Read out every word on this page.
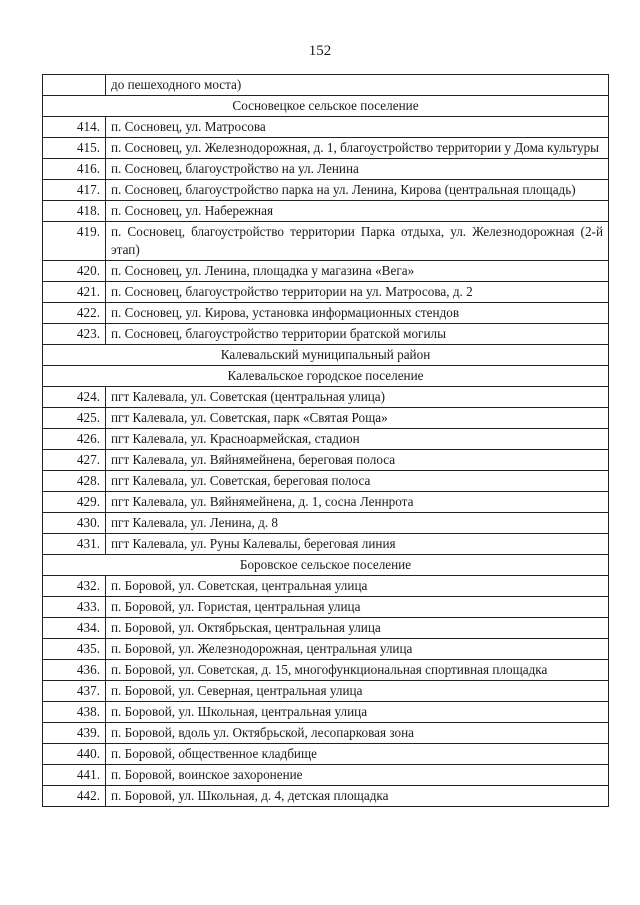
152
	до пешеходного моста)
Сосновецкое сельское поселение	
414.	п. Сосновец, ул. Матросова
415.	п. Сосновец, ул. Железнодорожная, д. 1, благоустройство территории у Дома культуры
416.	п. Сосновец, благоустройство на ул. Ленина
417.	п. Сосновец, благоустройство парка на ул. Ленина, Кирова (центральная площадь)
418.	п. Сосновец, ул. Набережная
419.	п. Сосновец, благоустройство территории Парка отдыха, ул. Железнодорожная (2-й этап)
420.	п. Сосновец, ул. Ленина, площадка у магазина «Вега»
421.	п. Сосновец, благоустройство территории на ул. Матросова, д. 2
422.	п. Сосновец, ул. Кирова, установка информационных стендов
423.	п. Сосновец, благоустройство территории братской могилы
Калевальский муниципальный район	
Калевальское городское поселение	
424.	пгт Калевала, ул. Советская (центральная улица)
425.	пгт Калевала, ул. Советская, парк «Святая Роща»
426.	пгт Калевала, ул. Красноармейская, стадион
427.	пгт Калевала, ул. Вяйнямейнена, береговая полоса
428.	пгт Калевала, ул. Советская, береговая полоса
429.	пгт Калевала, ул. Вяйнямейнена, д. 1, сосна Леннрота
430.	пгт Калевала, ул. Ленина, д. 8
431.	пгт Калевала, ул. Руны Калевалы, береговая линия
Боровское сельское поселение	
432.	п. Боровой, ул. Советская, центральная улица
433.	п. Боровой, ул. Гористая, центральная улица
434.	п. Боровой, ул. Октябрьская, центральная улица
435.	п. Боровой, ул. Железнодорожная, центральная улица
436.	п. Боровой, ул. Советская, д. 15, многофункциональная спортивная площадка
437.	п. Боровой, ул. Северная, центральная улица
438.	п. Боровой, ул. Школьная, центральная улица
439.	п. Боровой, вдоль ул. Октябрьской, лесопарковая зона
440.	п. Боровой, общественное кладбище
441.	п. Боровой, воинское захоронение
442.	п. Боровой, ул. Школьная, д. 4, детская площадка
